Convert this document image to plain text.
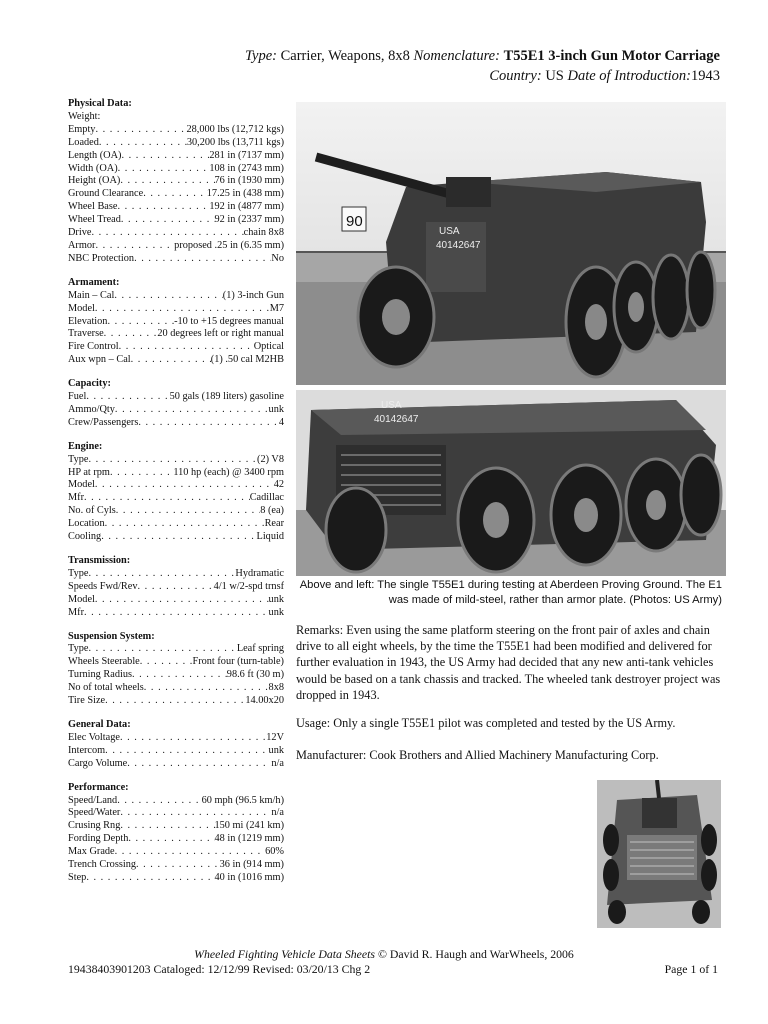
Type: Carrier, Weapons, 8x8 Nomenclature: T55E1 3-inch Gun Motor Carriage
Country: US Date of Introduction:1943
Physical Data:
Weight:
Empty . . .	28,000 lbs (12,712 kgs)
Loaded . . .	30,200 lbs (13,711 kgs)
Length (OA) . . .	281 in (7137 mm)
Width (OA) . . .	108 in (2743 mm)
Height (OA) . . .	76 in (1930 mm)
Ground Clearance . . .	17.25 in (438 mm)
Wheel Base . . .	192 in (4877 mm)
Wheel Tread . . .	92 in (2337 mm)
Drive . . .	chain 8x8
Armor . . .	proposed .25 in (6.35 mm)
NBC Protection . . .	No
Armament:
Main – Cal . . .	(1) 3-inch Gun
Model . . .	M7
Elevation . . .	-10 to +15 degrees manual
Traverse . . .	20 degrees left or right manual
Fire Control . . .	Optical
Aux wpn – Cal . . .	(1) .50 cal M2HB
Capacity:
Fuel . . .	50 gals (189 liters) gasoline
Ammo/Qty . . .	unk
Crew/Passengers . . .	4
Engine:
Type . . .	(2) V8
HP at rpm . . .	110 hp (each) @ 3400 rpm
Model . . .	42
Mfr . . .	Cadillac
No. of Cyls . . .	8 (ea)
Location . . .	Rear
Cooling . . .	Liquid
Transmission:
Type . . .	Hydramatic
Speeds Fwd/Rev . . .	4/1 w/2-spd trnsf
Model . . .	unk
Mfr . . .	unk
Suspension System:
Type . . .	Leaf spring
Wheels Steerable . . .	Front four (turn-table)
Turning Radius . . .	98.6 ft (30 m)
No of total wheels . . .	8x8
Tire Size . . .	14.00x20
General Data:
Elec Voltage . . .	12V
Intercom . . .	unk
Cargo Volume . . .	n/a
Performance:
Speed/Land . . .	60 mph (96.5 km/h)
Speed/Water . . .	n/a
Crusing Rng . . .	150 mi (241 km)
Fording Depth . . .	48 in (1219 mm)
Max Grade . . .	60%
Trench Crossing . . .	36 in (914 mm)
Step . . .	40 in (1016 mm)
90
USA
40142647
USA
40142647
Above and left: The single T55E1 during testing at Aberdeen Proving Ground. The E1 was made of mild-steel, rather than armor plate. (Photos: US Army)
Remarks: Even using the same platform steering on the front pair of axles and chain drive to all eight wheels, by the time the T55E1 had been modified and delivered for further evaluation in 1943, the US Army had decided that any new anti-tank vehicles would be based on a tank chassis and tracked. The wheeled tank destroyer project was dropped in 1943.
Usage: Only a single T55E1 pilot was completed and tested by the US Army.
Manufacturer: Cook Brothers and Allied Machinery Manufacturing Corp.
Wheeled Fighting Vehicle Data Sheets © David R. Haugh and WarWheels, 2006
19438403901203 Cataloged: 12/12/99 Revised: 03/20/13 Chg 2	Page 1 of 1
